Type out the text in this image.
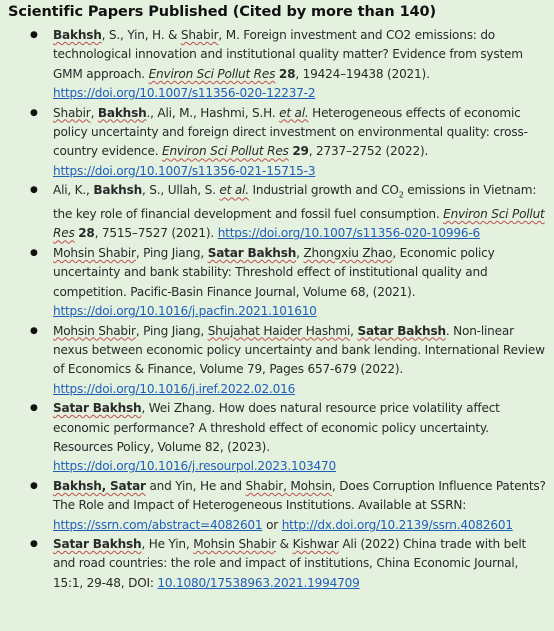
Scientific Papers Published (Cited by more than 140)
● Bakhsh, S., Yin, H. & Shabir, M. Foreign investment and CO2 emissions: do technological innovation and institutional quality matter? Evidence from system GMM approach. Environ Sci Pollut Res 28, 19424–19438 (2021).
https://doi.org/10.1007/s11356-020-12237-2
● Shabir, Bakhsh., Ali, M., Hashmi, S.H. et al. Heterogeneous effects of economic policy uncertainty and foreign direct investment on environmental quality: cross-country evidence. Environ Sci Pollut Res 29, 2737–2752 (2022).
https://doi.org/10.1007/s11356-021-15715-3
● Ali, K., Bakhsh, S., Ullah, S. et al. Industrial growth and $CO_2$ emissions in Vietnam: the key role of financial development and fossil fuel consumption. Environ Sci Pollut Res 28, 7515–7527 (2021). https://doi.org/10.1007/s11356-020-10996-6
● Mohsin Shabir, Ping Jiang, Satar Bakhsh, Zhongxiu Zhao, Economic policy uncertainty and bank stability: Threshold effect of institutional quality and competition. Pacific-Basin Finance Journal, Volume 68, (2021).
https://doi.org/10.1016/j.pacfin.2021.101610
● Mohsin Shabir, Ping Jiang, Shujahat Haider Hashmi, Satar Bakhsh. Non-linear nexus between economic policy uncertainty and bank lending. International Review of Economics & Finance, Volume 79, Pages 657-679 (2022).
https://doi.org/10.1016/j.iref.2022.02.016
● Satar Bakhsh, Wei Zhang. How does natural resource price volatility affect economic performance? A threshold effect of economic policy uncertainty. Resources Policy, Volume 82, (2023).
https://doi.org/10.1016/j.resourpol.2023.103470
● Bakhsh, Satar and Yin, He and Shabir, Mohsin, Does Corruption Influence Patents? The Role and Impact of Heterogeneous Institutions. Available at SSRN: https://ssrn.com/abstract=4082601 or http://dx.doi.org/10.2139/ssrn.4082601
● Satar Bakhsh, He Yin, Mohsin Shabir & Kishwar Ali (2022) China trade with belt and road countries: the role and impact of institutions, China Economic Journal, 15:1, 29-48, DOI: 10.1080/17538963.2021.1994709
